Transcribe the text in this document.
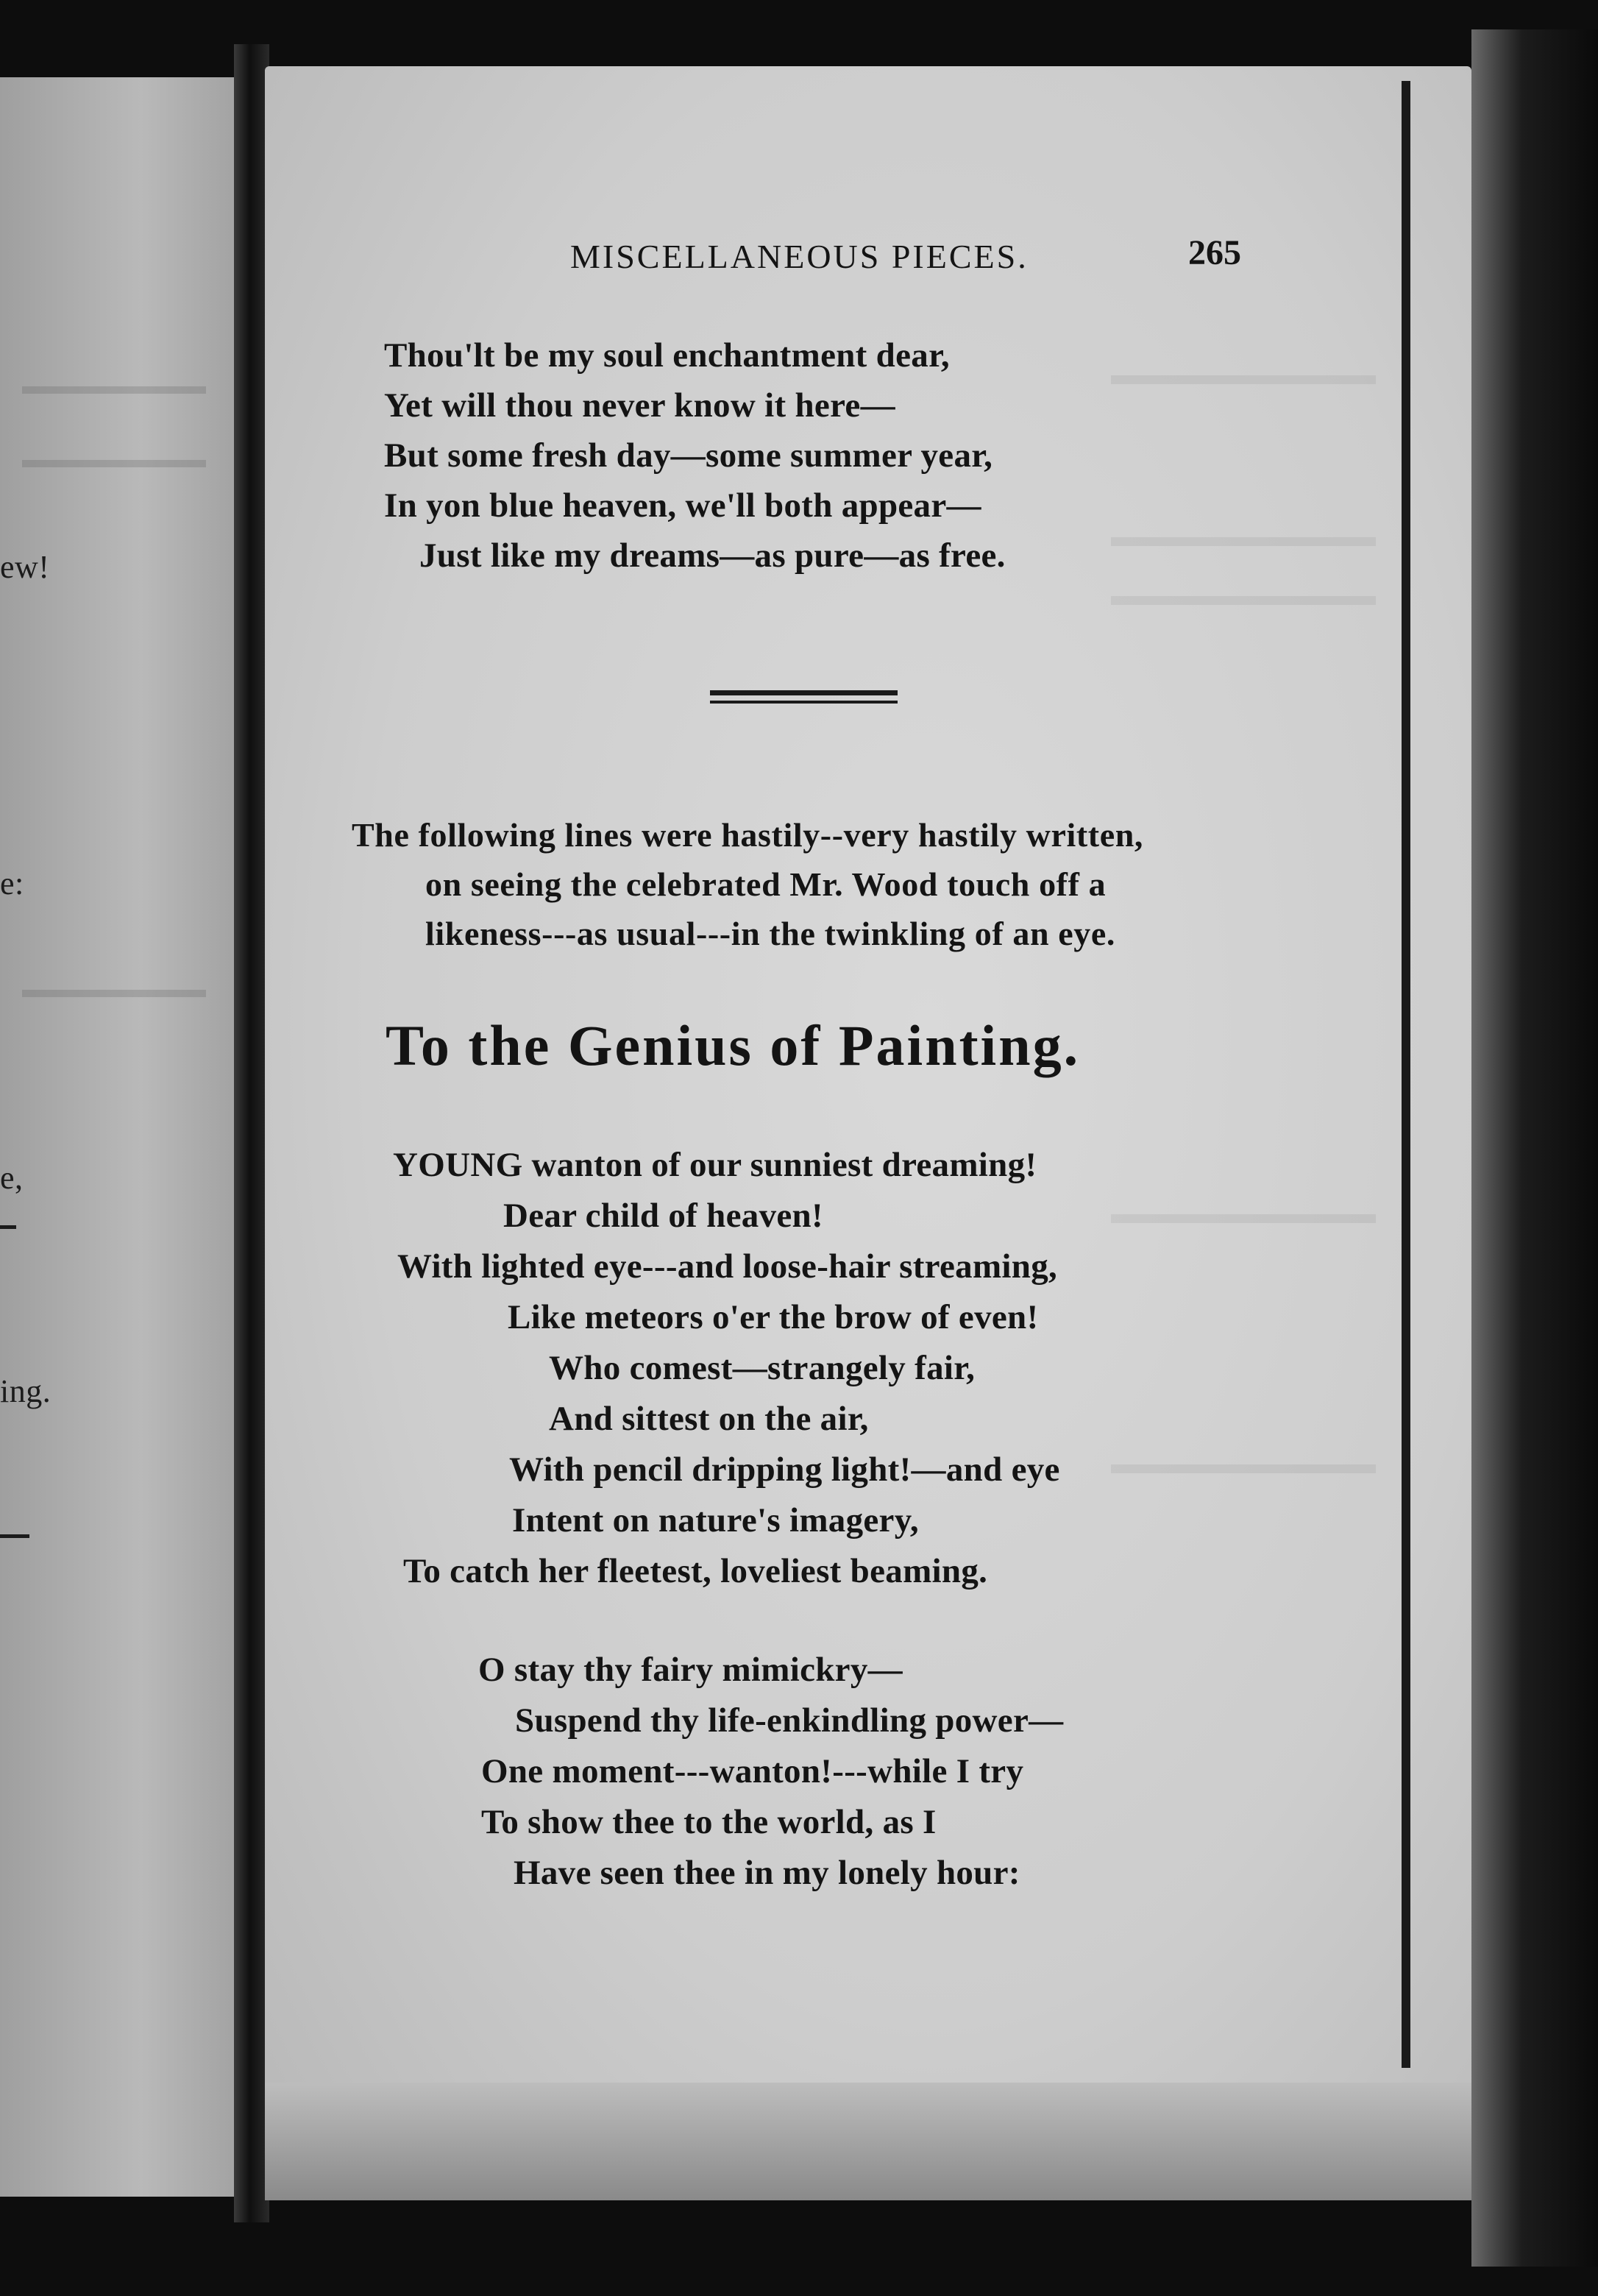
ew!
e:
e,
ing.
MISCELLANEOUS PIECES.	265
Thou'lt be my soul enchantment dear,
Yet will thou never know it here—
But some fresh day—some summer year,
In yon blue heaven, we'll both appear—
Just like my dreams—as pure—as free.
The following lines were hastily--very hastily written,
on seeing the celebrated Mr. Wood touch off a
likeness---as usual---in the twinkling of an eye.
To the Genius of Painting.
YOUNG wanton of our sunniest dreaming!
Dear child of heaven!
With lighted eye---and loose-hair streaming,
Like meteors o'er the brow of even!
Who comest—strangely fair,
And sittest on the air,
With pencil dripping light!—and eye
Intent on nature's imagery,
To catch her fleetest, loveliest beaming.
O stay thy fairy mimickry—
Suspend thy life-enkindling power—
One moment---wanton!---while I try
To show thee to the world, as I
Have seen thee in my lonely hour:
